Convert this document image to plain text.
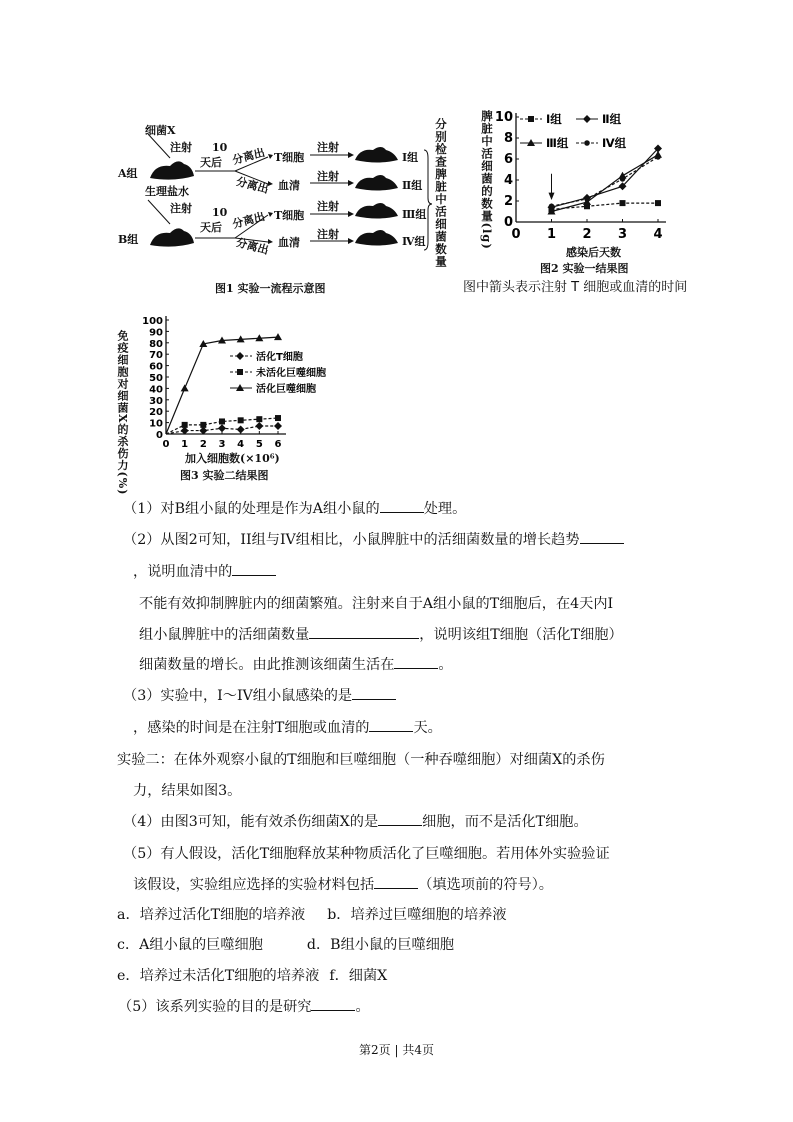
细菌X
注射
A组
生理盐水
注射
B组
10
天后
10
天后
分离出
分离出
分离出
分离出
T细胞
血清
T细胞
血清
注射
注射
注射
注射
Ⅰ组
Ⅱ组
Ⅲ组
Ⅳ组 分别检查脾脏中活细菌数量
图1 实验一流程示意图
脾脏中活细菌的数量(lg) 0
2
4
6
8
10
0 1 2 3 4
Ⅰ组	Ⅱ组
Ⅲ组	Ⅳ组
感染后天数
图2 实验一结果图
图中箭头表示注射 T 细胞或血清的时间
免疫细胞对细菌X的杀伤力(%)	0
10
20
30
40
50
60
70
80
90
100
0 1 2 3 4 5 6
活化T细胞
未活化巨噬细胞
活化巨噬细胞
加入细胞数(×10⁶)
图3 实验二结果图
（1）对B组小鼠的处理是作为A组小鼠的	处理。
（2）从图2可知，II组与IV组相比，小鼠脾脏中的活细菌数量的增长趋势
，说明血清中的
不能有效抑制脾脏内的细菌繁殖。注射来自于A组小鼠的T细胞后，在4天内I
组小鼠脾脏中的活细菌数量	，说明该组T细胞（活化T细胞）
细菌数量的增长。由此推测该细菌生活在	。
（3）实验中，I～IV组小鼠感染的是
，感染的时间是在注射T细胞或血清的	天。
实验二：在体外观察小鼠的T细胞和巨噬细胞（一种吞噬细胞）对细菌X的杀伤
力，结果如图3。
（4）由图3可知，能有效杀伤细菌X的是	细胞，而不是活化T细胞。
（5）有人假设，活化T细胞释放某种物质活化了巨噬细胞。若用体外实验验证
该假设，实验组应选择的实验材料包括	（填选项前的符号）。
a．培养过活化T细胞的培养液 b．培养过巨噬细胞的培养液
c．A组小鼠的巨噬细胞	d．B组小鼠的巨噬细胞
e．培养过未活化T细胞的培养液 f．细菌X
（5）该系列实验的目的是研究	。
第2页 | 共4页
